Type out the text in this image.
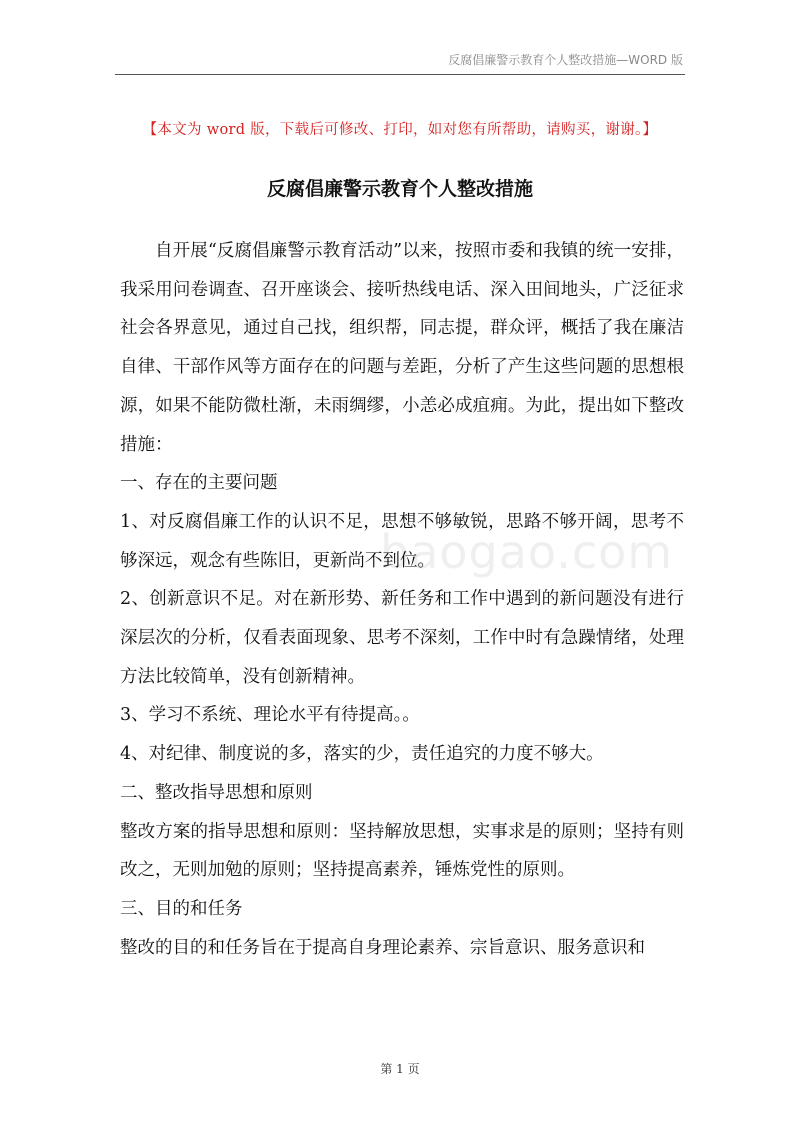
反腐倡廉警示教育个人整改措施—WORD 版
【本文为 word 版，下载后可修改、打印，如对您有所帮助，请购买，谢谢。】
反腐倡廉警示教育个人整改措施
baogao.com

自开展“反腐倡廉警示教育活动”以来，按照市委和我镇的统一安排，我采用问卷调查、召开座谈会、接听热线电话、深入田间地头，广泛征求社会各界意见，通过自己找，组织帮，同志提，群众评，概括了我在廉洁自律、干部作风等方面存在的问题与差距，分析了产生这些问题的思想根源，如果不能防微杜渐，未雨绸缪，小恙必成疽痈。为此，提出如下整改措施：

一、存在的主要问题

1、对反腐倡廉工作的认识不足，思想不够敏锐，思路不够开阔，思考不够深远，观念有些陈旧，更新尚不到位。

2、创新意识不足。对在新形势、新任务和工作中遇到的新问题没有进行深层次的分析，仅看表面现象、思考不深刻，工作中时有急躁情绪，处理方法比较简单，没有创新精神。

3、学习不系统、理论水平有待提高。。

4、对纪律、制度说的多，落实的少，责任追究的力度不够大。

二、整改指导思想和原则

整改方案的指导思想和原则：坚持解放思想，实事求是的原则；坚持有则改之，无则加勉的原则；坚持提高素养，锤炼党性的原则。

三、目的和任务

整改的目的和任务旨在于提高自身理论素养、宗旨意识、服务意识和

第 1 页
